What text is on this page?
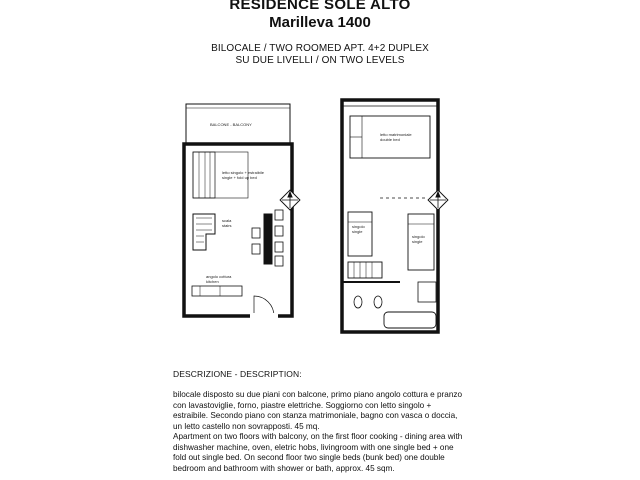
RESIDENCE SOLE ALTO
Marilleva 1400
BILOCALE / TWO ROOMED APT. 4+2 DUPLEX
SU DUE LIVELLI / ON TWO LEVELS
BALCONE - BALCONY
letto singolo + estraibile
single + fold up bed
scala
stairs
angolo cottura
kitchen
letto matrimoniale
double bed
singolo
single
singolo
single
DESCRIZIONE - DESCRIPTION:
bilocale disposto su due piani con balcone, primo piano angolo cottura e pranzo con lavastoviglie, forno, piastre elettriche. Soggiorno con letto singolo + estraibile. Secondo piano con stanza matrimoniale, bagno con vasca o doccia, un letto castello non sovrapposti. 45 mq.
Apartment on two floors with balcony, on the first floor cooking - dining area with dishwasher machine, oven, eletric hobs, livingroom with one single bed + one fold out single bed. On second floor two single beds (bunk bed) one double bedroom and bathroom with shower or bath, approx. 45 sqm.
